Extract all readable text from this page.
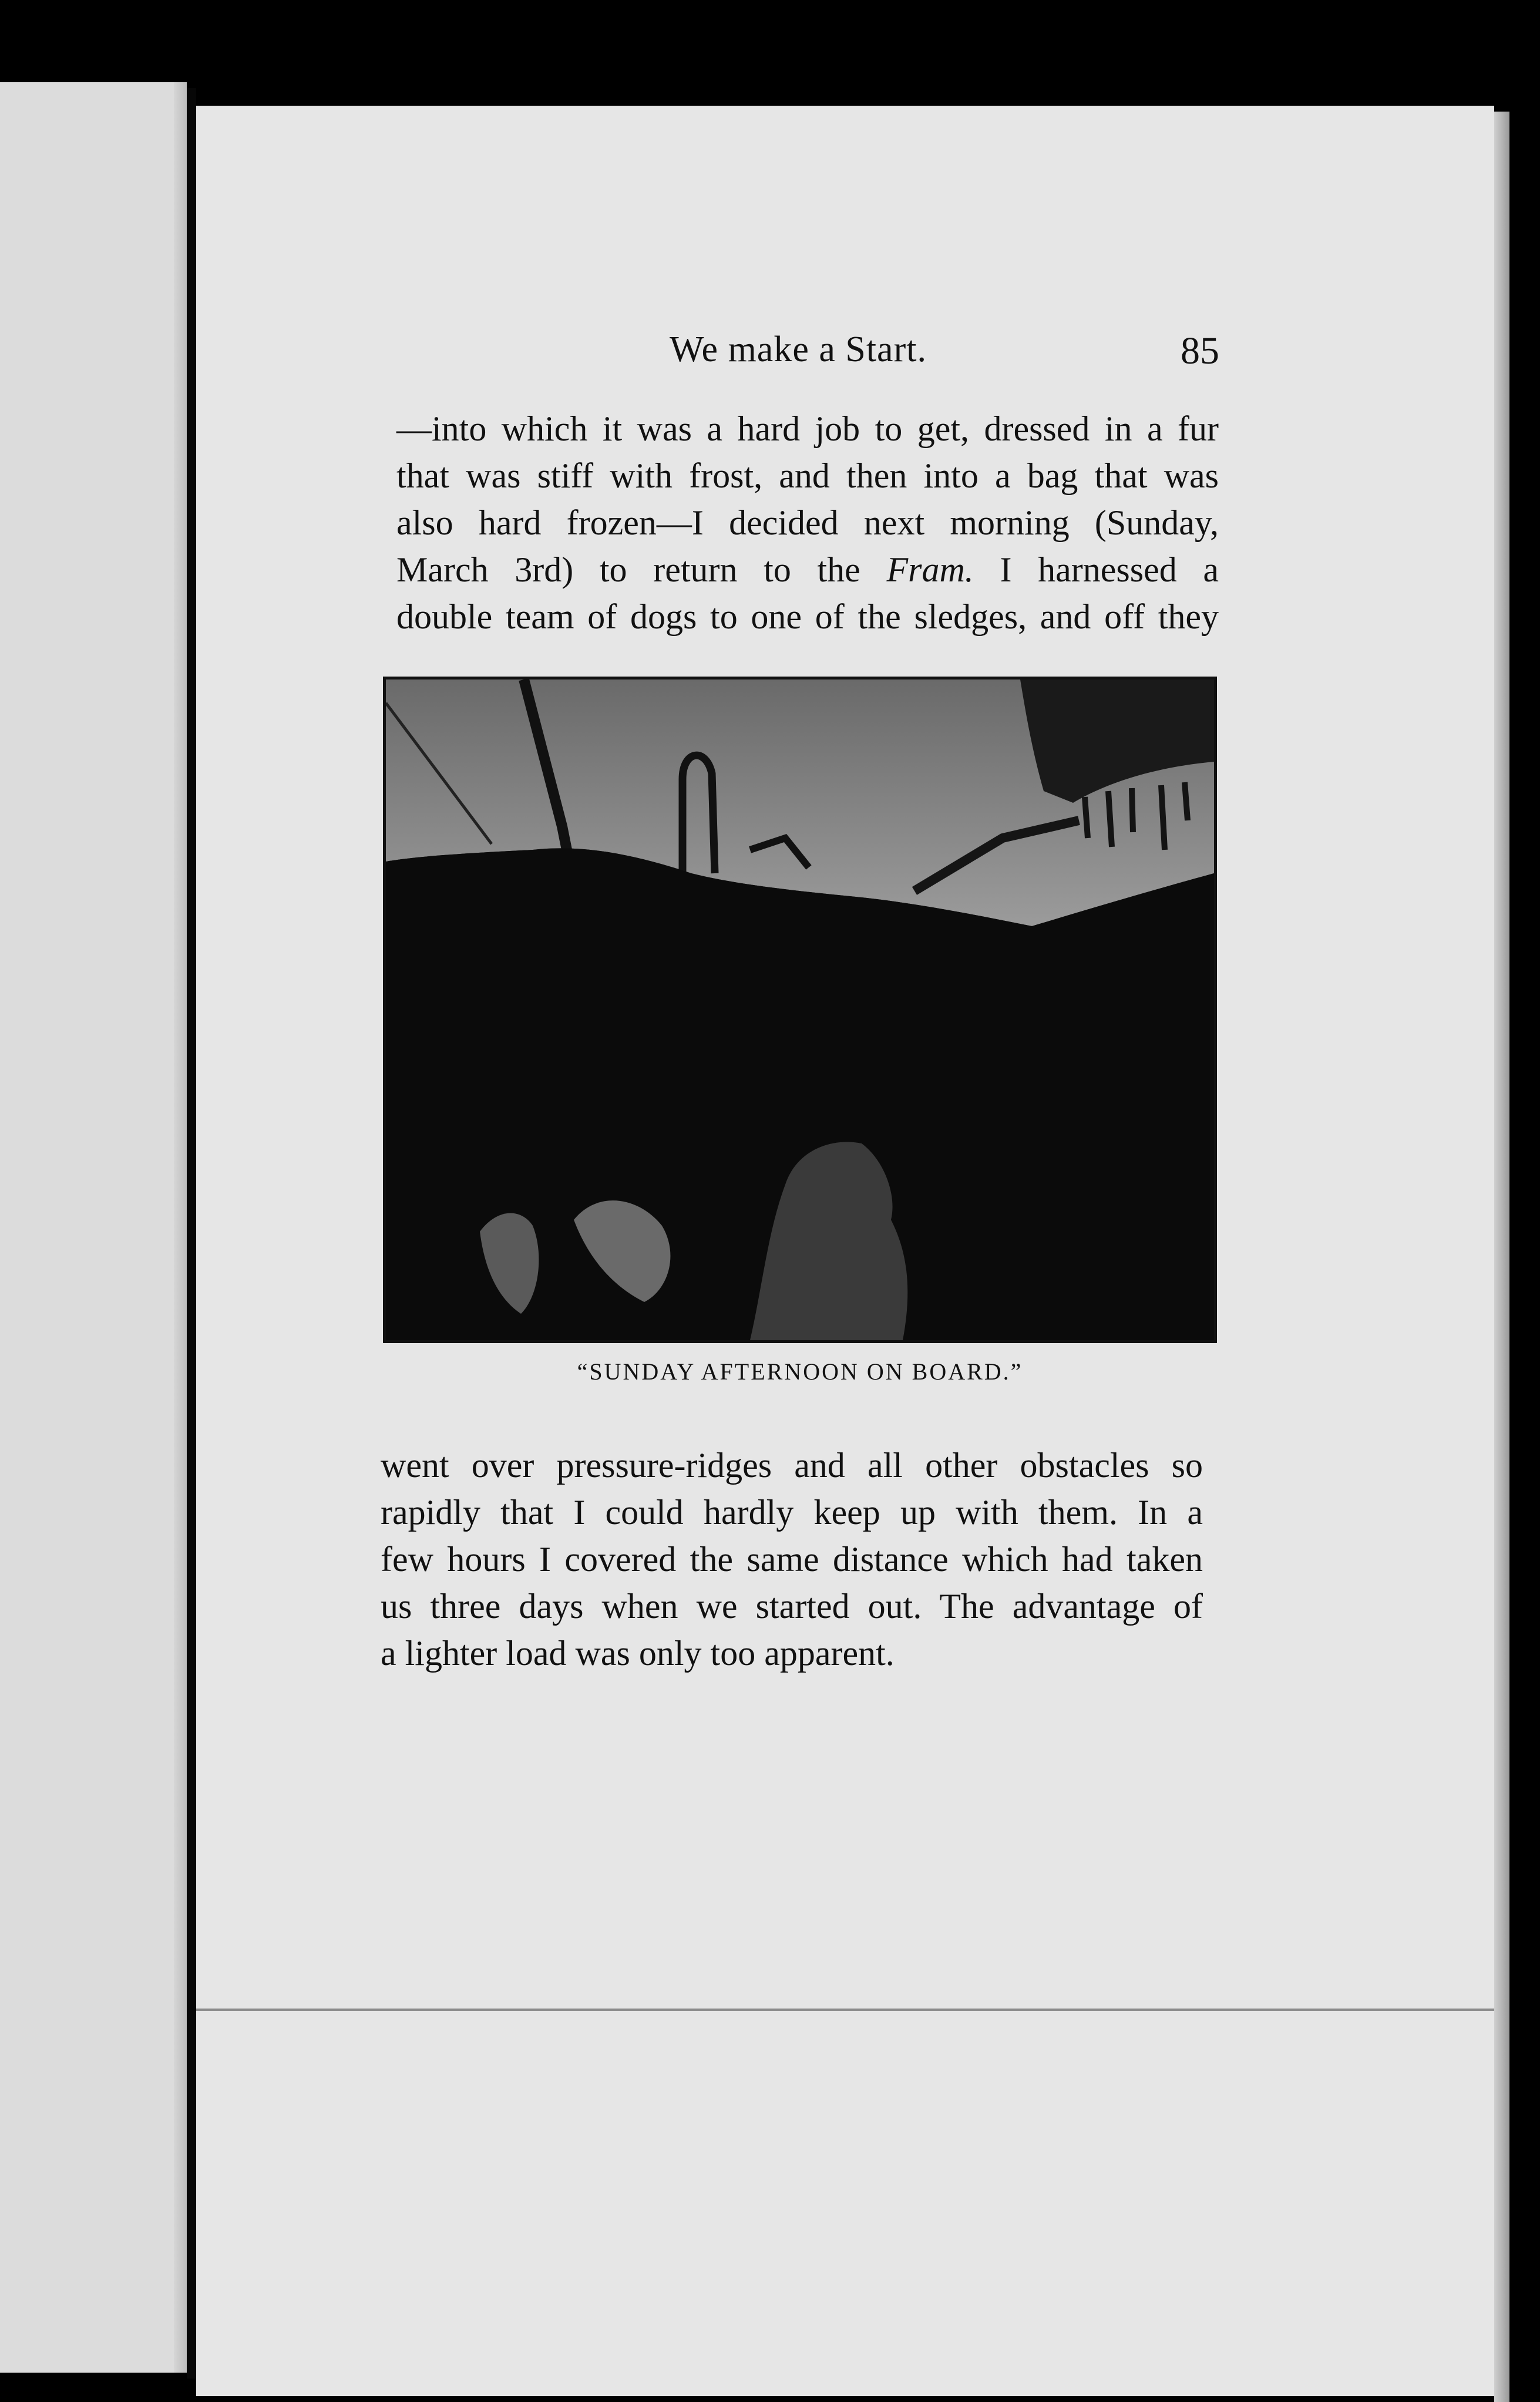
We make a Start.	85
—into which it was a hard job to get, dressed in a fur
that was stiff with frost, and then into a bag that was
also hard frozen—I decided next morning (Sunday,
March 3rd) to return to the Fram. I harnessed a
double team of dogs to one of the sledges, and off they
“SUNDAY AFTERNOON ON BOARD.”
went over pressure-ridges and all other obstacles so
rapidly that I could hardly keep up with them. In a
few hours I covered the same distance which had taken
us three days when we started out. The advantage of
a lighter load was only too apparent.
